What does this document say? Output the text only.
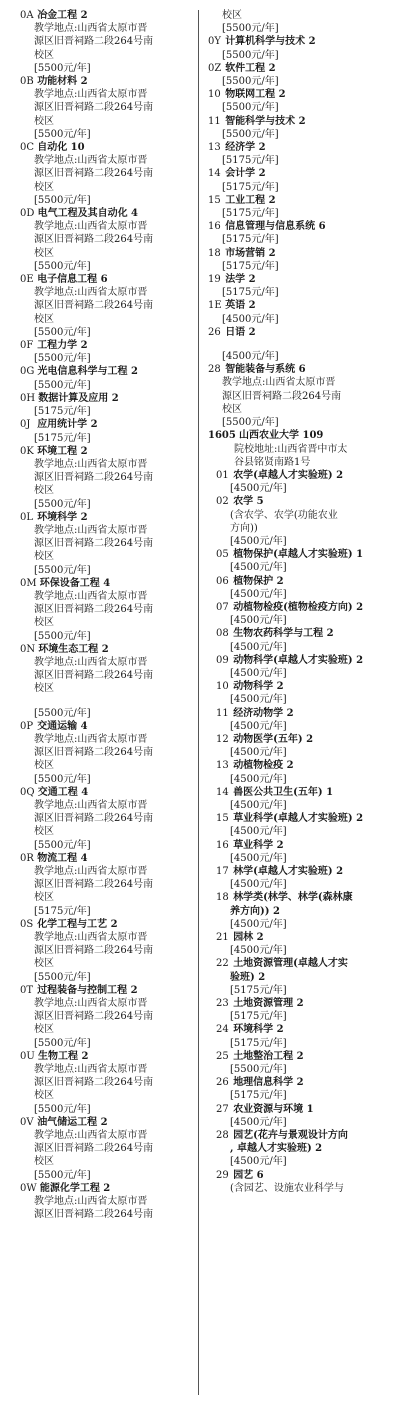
0A 冶金工程 2
教学地点:山西省太原市晋
源区旧晋祠路二段264号南
校区
[5500元/年]
0B 功能材料 2
教学地点:山西省太原市晋
源区旧晋祠路二段264号南
校区
[5500元/年]
0C 自动化 10
教学地点:山西省太原市晋
源区旧晋祠路二段264号南
校区
[5500元/年]
0D 电气工程及其自动化 4
教学地点:山西省太原市晋
源区旧晋祠路二段264号南
校区
[5500元/年]
0E 电子信息工程 6
教学地点:山西省太原市晋
源区旧晋祠路二段264号南
校区
[5500元/年]
0F 工程力学 2
[5500元/年]
0G 光电信息科学与工程 2
[5500元/年]
0H 数据计算及应用 2
[5175元/年]
0J 应用统计学 2
[5175元/年]
0K 环境工程 2
教学地点:山西省太原市晋
源区旧晋祠路二段264号南
校区
[5500元/年]
0L 环境科学 2
教学地点:山西省太原市晋
源区旧晋祠路二段264号南
校区
[5500元/年]
0M 环保设备工程 4
教学地点:山西省太原市晋
源区旧晋祠路二段264号南
校区
[5500元/年]
0N 环境生态工程 2
教学地点:山西省太原市晋
源区旧晋祠路二段264号南
校区
[5500元/年]
0P 交通运输 4
教学地点:山西省太原市晋
源区旧晋祠路二段264号南
校区
[5500元/年]
0Q 交通工程 4
教学地点:山西省太原市晋
源区旧晋祠路二段264号南
校区
[5500元/年]
0R 物流工程 4
教学地点:山西省太原市晋
源区旧晋祠路二段264号南
校区
[5175元/年]
0S 化学工程与工艺 2
教学地点:山西省太原市晋
源区旧晋祠路二段264号南
校区
[5500元/年]
0T 过程装备与控制工程 2
教学地点:山西省太原市晋
源区旧晋祠路二段264号南
校区
[5500元/年]
0U 生物工程 2
教学地点:山西省太原市晋
源区旧晋祠路二段264号南
校区
[5500元/年]
0V 油气储运工程 2
教学地点:山西省太原市晋
源区旧晋祠路二段264号南
校区
[5500元/年]
0W 能源化学工程 2
教学地点:山西省太原市晋
源区旧晋祠路二段264号南
校区
[5500元/年]
0Y 计算机科学与技术 2
[5500元/年]
0Z 软件工程 2
[5500元/年]
10 物联网工程 2
[5500元/年]
11 智能科学与技术 2
[5500元/年]
13 经济学 2
[5175元/年]
14 会计学 2
[5175元/年]
15 工业工程 2
[5175元/年]
16 信息管理与信息系统 6
[5175元/年]
18 市场营销 2
[5175元/年]
19 法学 2
[5175元/年]
1E 英语 2
[4500元/年]
26 日语 2
[4500元/年]
28 智能装备与系统 6
教学地点:山西省太原市晋
源区旧晋祠路二段264号南
校区
[5500元/年]
1605 山西农业大学 109
院校地址:山西省晋中市太
谷县铭贤南路1号
01 农学(卓越人才实验班) 2
[4500元/年]
02 农学 5
(含农学、农学(功能农业
方向))
[4500元/年]
05 植物保护(卓越人才实验班) 1
[4500元/年]
06 植物保护 2
[4500元/年]
07 动植物检疫(植物检疫方向) 2
[4500元/年]
08 生物农药科学与工程 2
[4500元/年]
09 动物科学(卓越人才实验班) 2
[4500元/年]
10 动物科学 2
[4500元/年]
11 经济动物学 2
[4500元/年]
12 动物医学(五年) 2
[4500元/年]
13 动植物检疫 2
[4500元/年]
14 兽医公共卫生(五年) 1
[4500元/年]
15 草业科学(卓越人才实验班) 2
[4500元/年]
16 草业科学 2
[4500元/年]
17 林学(卓越人才实验班) 2
[4500元/年]
18 林学类(林学、林学(森林康
养方向)) 2
[4500元/年]
21 园林 2
[4500元/年]
22 土地资源管理(卓越人才实
验班) 2
[5175元/年]
23 土地资源管理 2
[5175元/年]
24 环境科学 2
[5175元/年]
25 土地整治工程 2
[5500元/年]
26 地理信息科学 2
[5175元/年]
27 农业资源与环境 1
[4500元/年]
28 园艺(花卉与景观设计方向
, 卓越人才实验班) 2
[4500元/年]
29 园艺 6
(含园艺、设施农业科学与
